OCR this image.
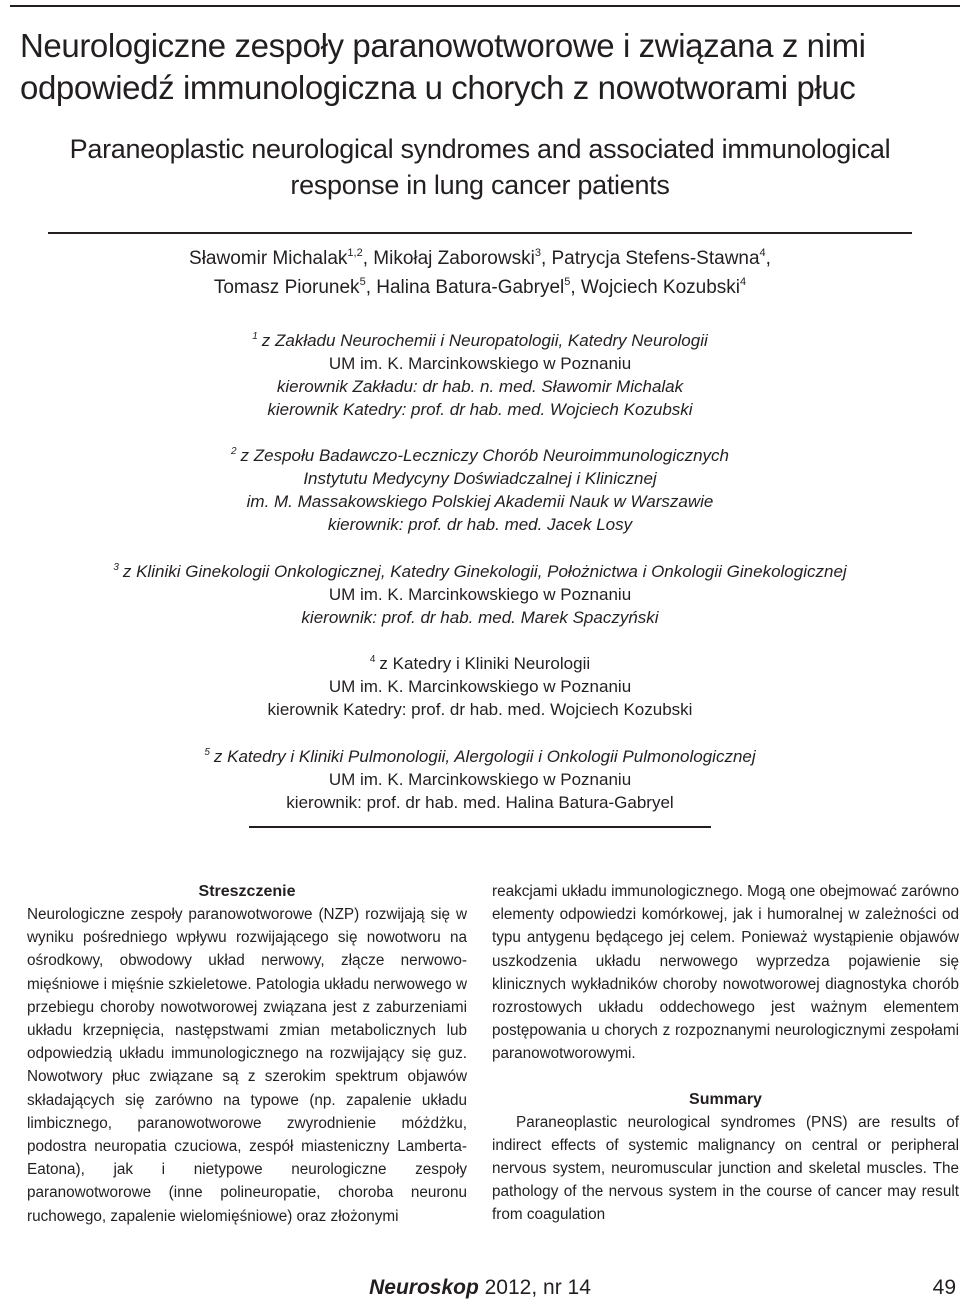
Neurologiczne zespoły paranowotworowe i związana z nimi
odpowiedź immunologiczna u chorych z nowotworami płuc
Paraneoplastic neurological syndromes and associated immunological
response in lung cancer patients
Sławomir Michalak$^{1,2}$, Mikołaj Zaborowski$^3$, Patrycja Stefens-Stawna$^4$,
Tomasz Piorunek$^5$, Halina Batura-Gabryel$^5$, Wojciech Kozubski$^4$
$^1$ z Zakładu Neurochemii i Neuropatologii, Katedry Neurologii
UM im. K. Marcinkowskiego w Poznaniu
kierownik Zakładu: dr hab. n. med. Sławomir Michalak
kierownik Katedry: prof. dr hab. med. Wojciech Kozubski
$^2$ z Zespołu Badawczo-Leczniczy Chorób Neuroimmunologicznych
Instytutu Medycyny Doświadczalnej i Klinicznej
im. M. Massakowskiego Polskiej Akademii Nauk w Warszawie
kierownik: prof. dr hab. med. Jacek Losy
$^3$ z Kliniki Ginekologii Onkologicznej, Katedry Ginekologii, Położnictwa i Onkologii Ginekologicznej
UM im. K. Marcinkowskiego w Poznaniu
kierownik: prof. dr hab. med. Marek Spaczyński
$^4$ z Katedry i Kliniki Neurologii
UM im. K. Marcinkowskiego w Poznaniu
kierownik Katedry: prof. dr hab. med. Wojciech Kozubski
$^5$ z Katedry i Kliniki Pulmonologii, Alergologii i Onkologii Pulmonologicznej
UM im. K. Marcinkowskiego w Poznaniu
kierownik: prof. dr hab. med. Halina Batura-Gabryel
Streszczenie

Neurologiczne zespoły paranowotworowe (NZP) rozwijają się w wyniku pośredniego wpływu rozwijającego się nowotworu na ośrodkowy, obwodowy układ nerwowy, złącze nerwowo-mięśniowe i mięśnie szkieletowe. Patologia układu nerwowego w przebiegu choroby nowotworowej związana jest z zaburzeniami układu krzepnięcia, następstwami zmian metabolicznych lub odpowiedzią układu immunologicznego na rozwijający się guz. Nowotwory płuc związane są z szerokim spektrum objawów składających się zarówno na typowe (np. zapalenie układu limbicznego, paranowotworowe zwyrodnienie móżdżku, podostra neuropatia czuciowa, zespół miasteniczny Lamberta-Eatona), jak i nietypowe neurologiczne zespoły paranowotworowe (inne polineuropatie, choroba neuronu ruchowego, zapalenie wielomięśniowe) oraz złożonymi

reakcjami układu immunologicznego. Mogą one obejmować zarówno elementy odpowiedzi komórkowej, jak i humoralnej w zależności od typu antygenu będącego jej celem. Ponieważ wystąpienie objawów uszkodzenia układu nerwowego wyprzedza pojawienie się klinicznych wykładników choroby nowotworowej diagnostyka chorób rozrostowych układu oddechowego jest ważnym elementem postępowania u chorych z rozpoznanymi neurologicznymi zespołami paranowotworowymi.

Summary

Paraneoplastic neurological syndromes (PNS) are results of indirect effects of systemic malignancy on central or peripheral nervous system, neuromuscular junction and skeletal muscles. The pathology of the nervous system in the course of cancer may result from coagulation

Neuroskop 2012, nr 14	49
